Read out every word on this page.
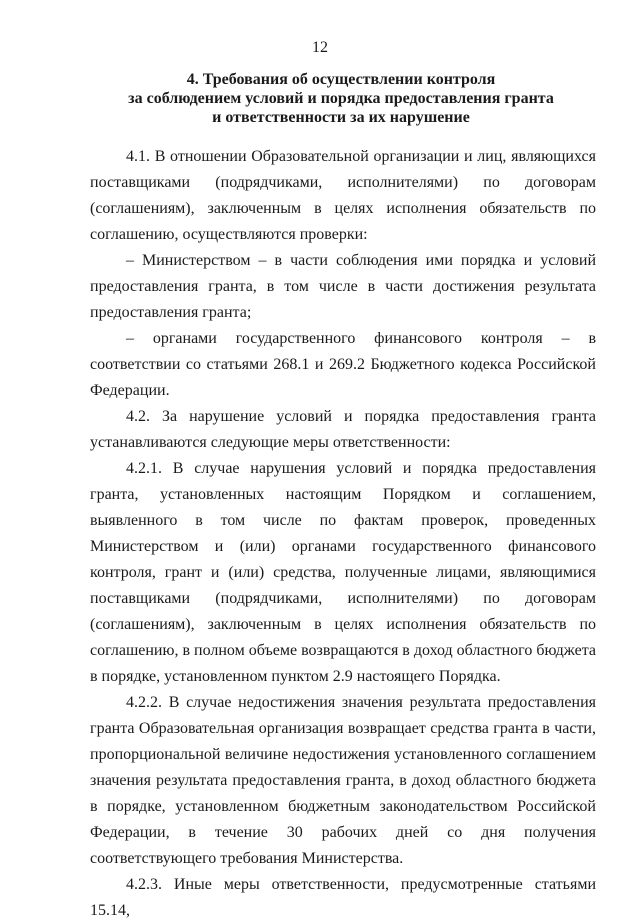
12
4. Требования об осуществлении контроля
за соблюдением условий и порядка предоставления гранта
и ответственности за их нарушение

4.1. В отношении Образовательной организации и лиц, являющихся поставщиками (подрядчиками, исполнителями) по договорам (соглашениям), заключенным в целях исполнения обязательств по соглашению, осуществляются проверки:

– Министерством – в части соблюдения ими порядка и условий предоставления гранта, в том числе в части достижения результата предоставления гранта;

– органами государственного финансового контроля – в соответствии со статьями 268.1 и 269.2 Бюджетного кодекса Российской Федерации.

4.2. За нарушение условий и порядка предоставления гранта устанавливаются следующие меры ответственности:

4.2.1. В случае нарушения условий и порядка предоставления гранта, установленных настоящим Порядком и соглашением, выявленного в том числе по фактам проверок, проведенных Министерством и (или) органами государственного финансового контроля, грант и (или) средства, полученные лицами, являющимися поставщиками (подрядчиками, исполнителями) по договорам (соглашениям), заключенным в целях исполнения обязательств по соглашению, в полном объеме возвращаются в доход областного бюджета в порядке, установленном пунктом 2.9 настоящего Порядка.

4.2.2. В случае недостижения значения результата предоставления гранта Образовательная организация возвращает средства гранта в части, пропорциональной величине недостижения установленного соглашением значения результата предоставления гранта, в доход областного бюджета в порядке, установленном бюджетным законодательством Российской Федерации, в течение 30 рабочих дней со дня получения соответствующего требования Министерства.

4.2.3. Иные меры ответственности, предусмотренные статьями 15.14,
